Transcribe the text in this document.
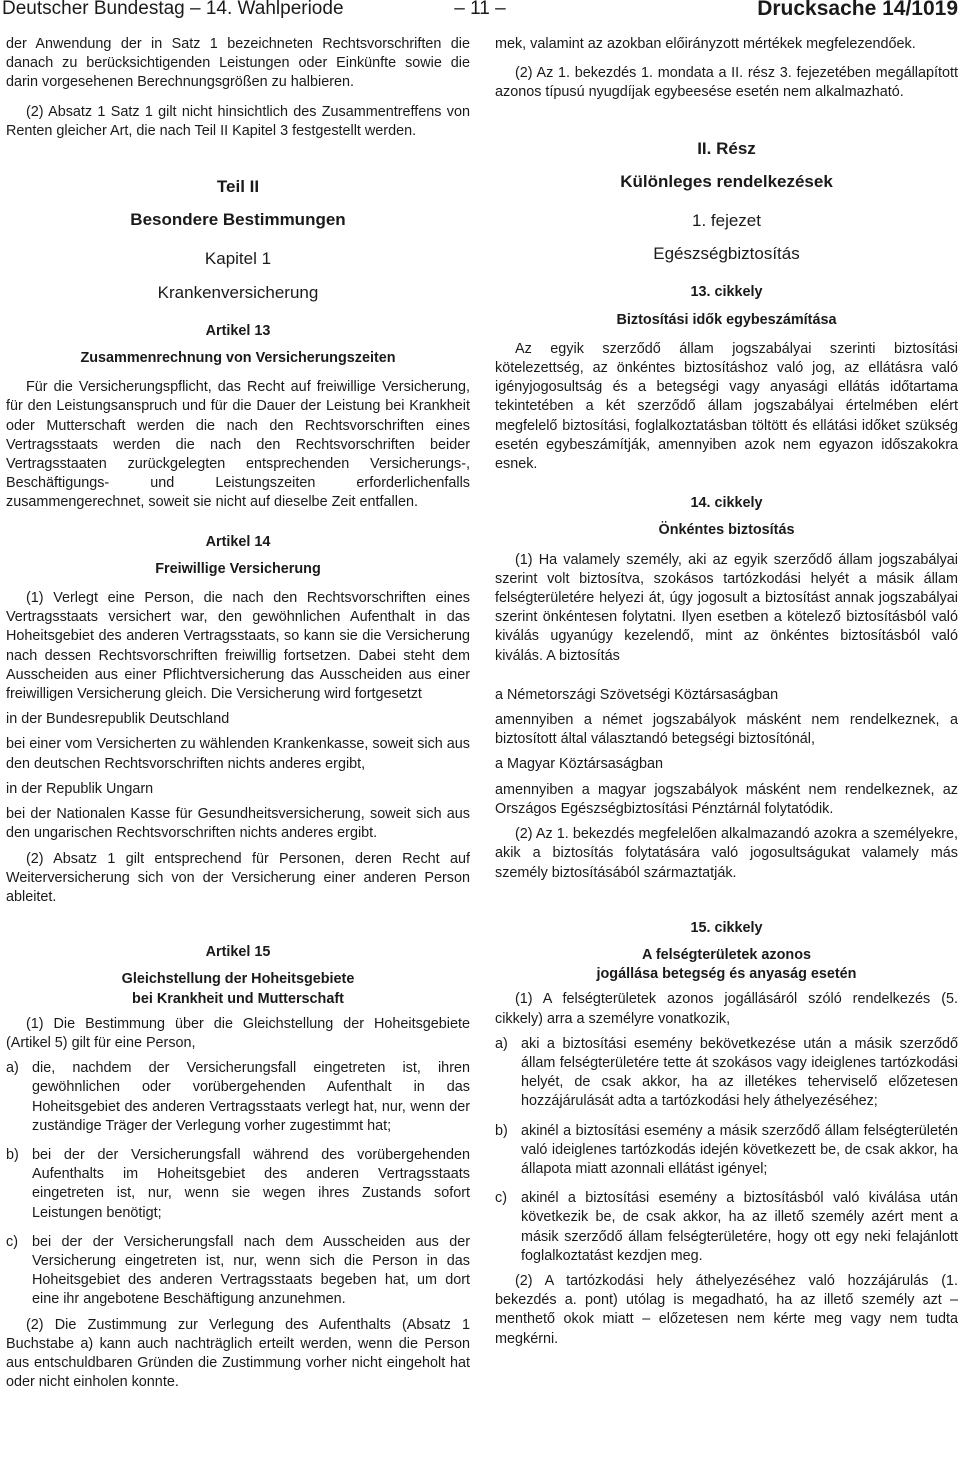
Deutscher Bundestag – 14. Wahlperiode	– 11 –	Drucksache 14/1019

der Anwendung der in Satz 1 bezeichneten Rechtsvorschriften die danach zu berücksichtigenden Leistungen oder Einkünfte sowie die darin vorgesehenen Berechnungsgrößen zu halbieren.

(2) Absatz 1 Satz 1 gilt nicht hinsichtlich des Zusammentreffens von Renten gleicher Art, die nach Teil II Kapitel 3 festgestellt werden.

Teil II

Besondere Bestimmungen

Kapitel 1

Krankenversicherung

Artikel 13

Zusammenrechnung von Versicherungszeiten

Für die Versicherungspflicht, das Recht auf freiwillige Versicherung, für den Leistungsanspruch und für die Dauer der Leistung bei Krankheit oder Mutterschaft werden die nach den Rechtsvorschriften eines Vertragsstaats werden die nach den Rechtsvorschriften beider Vertragsstaaten zurückgelegten entsprechenden Versicherungs-, Beschäftigungs- und Leistungszeiten erforderlichenfalls zusammengerechnet, soweit sie nicht auf dieselbe Zeit entfallen.

Artikel 14

Freiwillige Versicherung

(1) Verlegt eine Person, die nach den Rechtsvorschriften eines Vertragsstaats versichert war, den gewöhnlichen Aufenthalt in das Hoheitsgebiet des anderen Vertragsstaats, so kann sie die Versicherung nach dessen Rechtsvorschriften freiwillig fortsetzen. Dabei steht dem Ausscheiden aus einer Pflichtversicherung das Ausscheiden aus einer freiwilligen Versicherung gleich. Die Versicherung wird fortgesetzt

in der Bundesrepublik Deutschland

bei einer vom Versicherten zu wählenden Krankenkasse, soweit sich aus den deutschen Rechtsvorschriften nichts anderes ergibt,

in der Republik Ungarn

bei der Nationalen Kasse für Gesundheitsversicherung, soweit sich aus den ungarischen Rechtsvorschriften nichts anderes ergibt.

(2) Absatz 1 gilt entsprechend für Personen, deren Recht auf Weiterversicherung sich von der Versicherung einer anderen Person ableitet.

Artikel 15

Gleichstellung der Hoheitsgebiete

bei Krankheit und Mutterschaft

(1) Die Bestimmung über die Gleichstellung der Hoheitsgebiete (Artikel 5) gilt für eine Person,

a) die, nachdem der Versicherungsfall eingetreten ist, ihren gewöhnlichen oder vorübergehenden Aufenthalt in das Hoheitsgebiet des anderen Vertragsstaats verlegt hat, nur, wenn der zuständige Träger der Verlegung vorher zugestimmt hat;
b) bei der der Versicherungsfall während des vorübergehenden Aufenthalts im Hoheitsgebiet des anderen Vertragsstaats eingetreten ist, nur, wenn sie wegen ihres Zustands sofort Leistungen benötigt;
c) bei der der Versicherungsfall nach dem Ausscheiden aus der Versicherung eingetreten ist, nur, wenn sich die Person in das Hoheitsgebiet des anderen Vertragsstaats begeben hat, um dort eine ihr angebotene Beschäftigung anzunehmen.

(2) Die Zustimmung zur Verlegung des Aufenthalts (Absatz 1 Buchstabe a) kann auch nachträglich erteilt werden, wenn die Person aus entschuldbaren Gründen die Zustimmung vorher nicht eingeholt hat oder nicht einholen konnte.

mek, valamint az azokban előirányzott mértékek megfelezendőek.

(2) Az 1. bekezdés 1. mondata a II. rész 3. fejezetében megállapított azonos típusú nyugdíjak egybeesése esetén nem alkalmazható.

II. Rész

Különleges rendelkezések

1. fejezet

Egészségbiztosítás

13. cikkely

Biztosítási idők egybeszámítása

Az egyik szerződő állam jogszabályai szerinti biztosítási kötelezettség, az önkéntes biztosításhoz való jog, az ellátásra való igényjogosultság és a betegségi vagy anyasági ellátás időtartama tekintetében a két szerződő állam jogszabályai értelmében elért megfelelő biztosítási, foglalkoztatásban töltött és ellátási időket szükség esetén egybeszámítják, amennyiben azok nem egyazon időszakokra esnek.

14. cikkely

Önkéntes biztosítás

(1) Ha valamely személy, aki az egyik szerződő állam jogszabályai szerint volt biztosítva, szokásos tartózkodási helyét a másik állam felségterületére helyezi át, úgy jogosult a biztosítást annak jogszabályai szerint önkéntesen folytatni. Ilyen esetben a kötelező biztosításból való kiválás ugyanúgy kezelendő, mint az önkéntes biztosításból való kiválás. A biztosítás

a Németországi Szövetségi Köztársaságban

amennyiben a német jogszabályok másként nem rendelkeznek, a biztosított által választandó betegségi biztosítónál,

a Magyar Köztársaságban

amennyiben a magyar jogszabályok másként nem rendelkeznek, az Országos Egészségbiztosítási Pénztárnál folytatódik.

(2) Az 1. bekezdés megfelelően alkalmazandó azokra a személyekre, akik a biztosítás folytatására való jogosultságukat valamely más személy biztosításából származtatják.

15. cikkely

A felségterületek azonos

jogállása betegség és anyaság esetén

(1) A felségterületek azonos jogállásáról szóló rendelkezés (5. cikkely) arra a személyre vonatkozik,

a) aki a biztosítási esemény bekövetkezése után a másik szerződő állam felségterületére tette át szokásos vagy ideiglenes tartózkodási helyét, de csak akkor, ha az illetékes teherviselő előzetesen hozzájárulását adta a tartózkodási hely áthelyezéséhez;
b) akinél a biztosítási esemény a másik szerződő állam felségterületén való ideiglenes tartózkodás idején következett be, de csak akkor, ha állapota miatt azonnali ellátást igényel;
c) akinél a biztosítási esemény a biztosításból való kiválása után következik be, de csak akkor, ha az illető személy azért ment a másik szerződő állam felségterületére, hogy ott egy neki felajánlott foglalkoztatást kezdjen meg.

(2) A tartózkodási hely áthelyezéséhez való hozzájárulás (1. bekezdés a. pont) utólag is megadható, ha az illető személy azt – menthető okok miatt – előzetesen nem kérte meg vagy nem tudta megkérni.
